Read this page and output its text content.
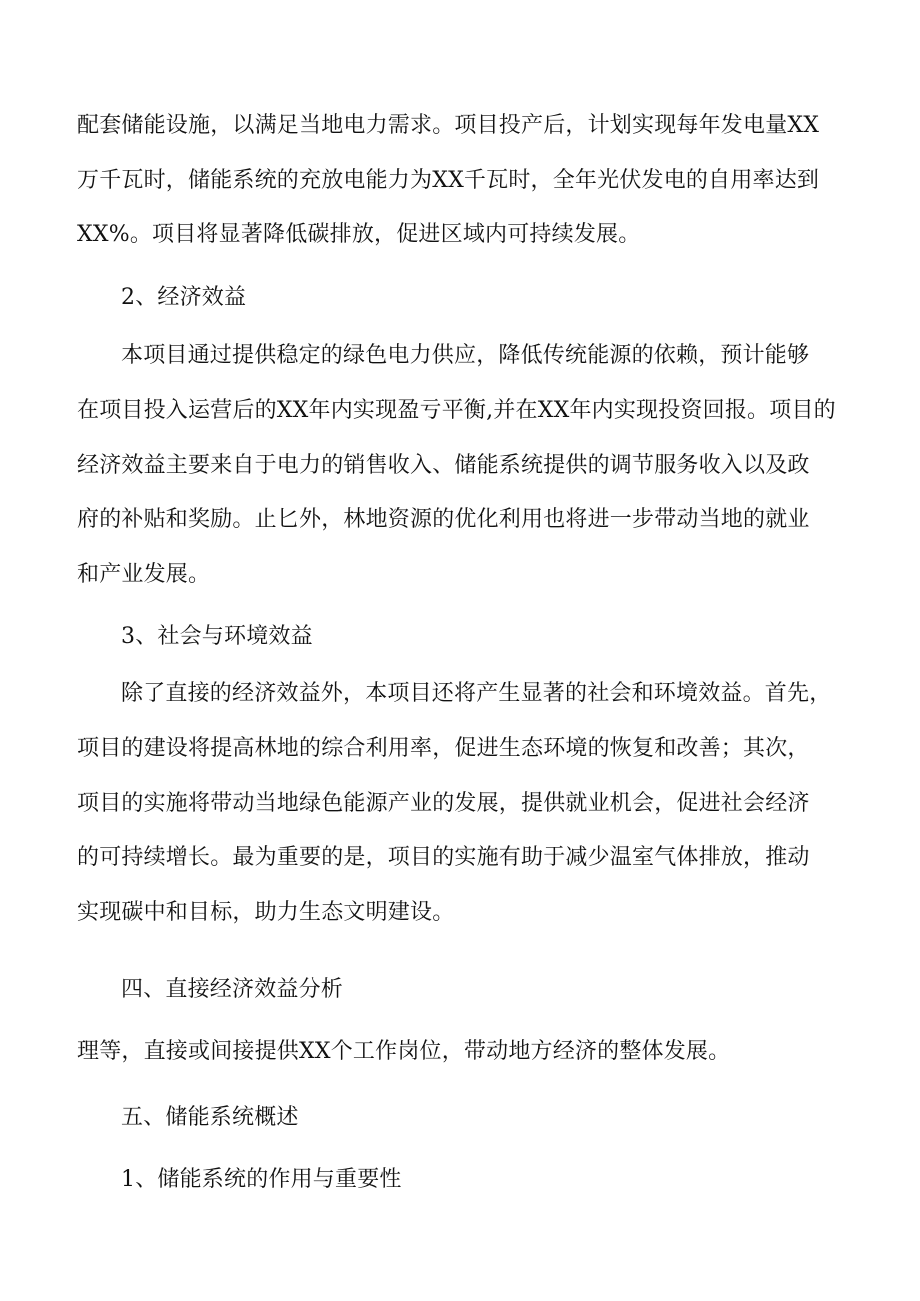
配套储能设施，以满足当地电力需求。项目投产后，计划实现每年发电量XX
万千瓦时，储能系统的充放电能力为XX千瓦时，全年光伏发电的自用率达到
XX%。项目将显著降低碳排放，促进区域内可持续发展。
2、经济效益
本项目通过提供稳定的绿色电力供应，降低传统能源的依赖，预计能够
在项目投入运营后的XX年内实现盈亏平衡,并在XX年内实现投资回报。项目的
经济效益主要来自于电力的销售收入、储能系统提供的调节服务收入以及政
府的补贴和奖励。止匕外，林地资源的优化利用也将进一步带动当地的就业
和产业发展。
3、社会与环境效益
除了直接的经济效益外，本项目还将产生显著的社会和环境效益。首先，
项目的建设将提高林地的综合利用率，促进生态环境的恢复和改善；其次，
项目的实施将带动当地绿色能源产业的发展，提供就业机会，促进社会经济
的可持续增长。最为重要的是，项目的实施有助于减少温室气体排放，推动
实现碳中和目标，助力生态文明建设。
四、直接经济效益分析
理等，直接或间接提供XX个工作岗位，带动地方经济的整体发展。
五、储能系统概述
1、储能系统的作用与重要性
